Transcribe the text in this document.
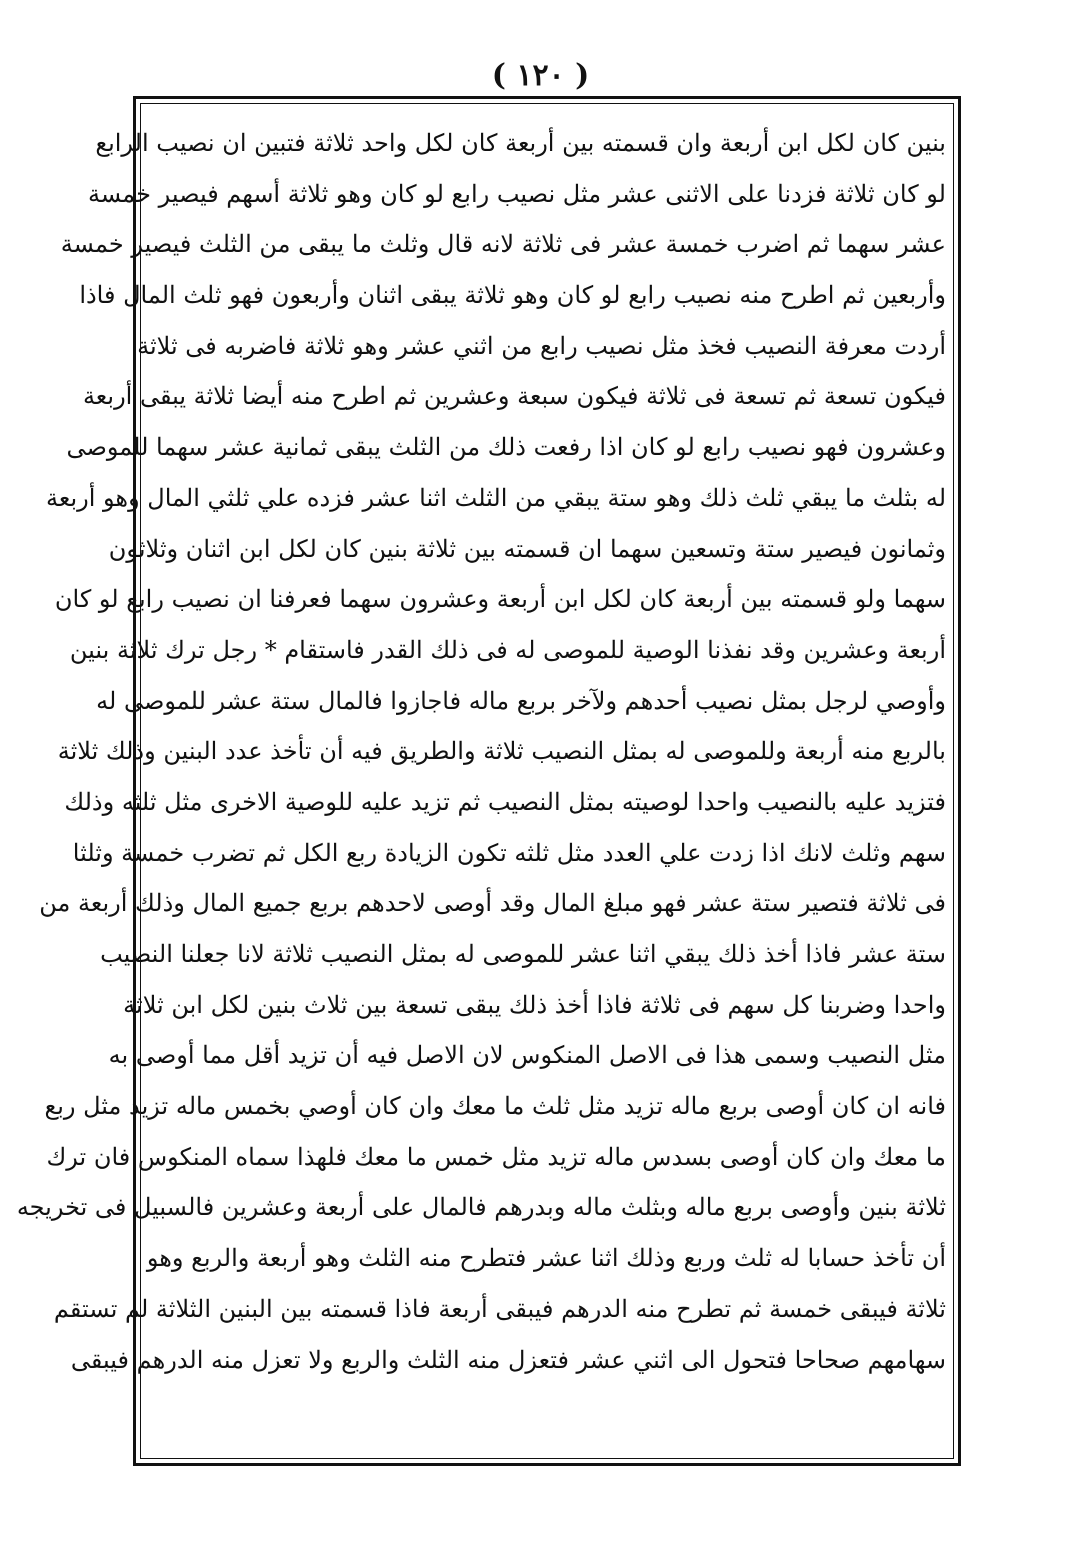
( ١٢٠ )
بنين كان لكل ابن أربعة وان قسمته بين أربعة كان لكل واحد ثلاثة فتبين ان نصيب الرابع
لو كان ثلاثة فزدنا على الاثنى عشر مثل نصيب رابع لو كان وهو ثلاثة أسهم فيصير خمسة
عشر سهما ثم اضرب خمسة عشر فى ثلاثة لانه قال وثلث ما يبقى من الثلث فيصير خمسة
وأربعين ثم اطرح منه نصيب رابع لو كان وهو ثلاثة يبقى اثنان وأربعون فهو ثلث المال فاذا
أردت معرفة النصيب فخذ مثل نصيب رابع من اثني عشر وهو ثلاثة فاضربه فى ثلاثة
فيكون تسعة ثم تسعة فى ثلاثة فيكون سبعة وعشرين ثم اطرح منه أيضا ثلاثة يبقى أربعة
وعشرون فهو نصيب رابع لو كان اذا رفعت ذلك من الثلث يبقى ثمانية عشر سهما للموصى
له بثلث ما يبقي ثلث ذلك وهو ستة يبقي من الثلث اثنا عشر فزده علي ثلثي المال وهو أربعة
وثمانون فيصير ستة وتسعين سهما ان قسمته بين ثلاثة بنين كان لكل ابن اثنان وثلاثون
سهما ولو قسمته بين أربعة كان لكل ابن أربعة وعشرون سهما فعرفنا ان نصيب رابع لو كان
أربعة وعشرين وقد نفذنا الوصية للموصى له فى ذلك القدر فاستقام * رجل ترك ثلاثة بنين
وأوصي لرجل بمثل نصيب أحدهم ولآخر بربع ماله فاجازوا فالمال ستة عشر للموصى له
بالربع منه أربعة وللموصى له بمثل النصيب ثلاثة والطريق فيه أن تأخذ عدد البنين وذلك ثلاثة
فتزيد عليه بالنصيب واحدا لوصيته بمثل النصيب ثم تزيد عليه للوصية الاخرى مثل ثلثه وذلك
سهم وثلث لانك اذا زدت علي العدد مثل ثلثه تكون الزيادة ربع الكل ثم تضرب خمسة وثلثا
فى ثلاثة فتصير ستة عشر فهو مبلغ المال وقد أوصى لاحدهم بربع جميع المال وذلك أربعة من
ستة عشر فاذا أخذ ذلك يبقي اثنا عشر للموصى له بمثل النصيب ثلاثة لانا جعلنا النصيب
واحدا وضربنا كل سهم فى ثلاثة فاذا أخذ ذلك يبقى تسعة بين ثلاث بنين لكل ابن ثلاثة
مثل النصيب وسمى هذا فى الاصل المنكوس لان الاصل فيه أن تزيد أقل مما أوصى به
فانه ان كان أوصى بربع ماله تزيد مثل ثلث ما معك وان كان أوصي بخمس ماله تزيد مثل ربع
ما معك وان كان أوصى بسدس ماله تزيد مثل خمس ما معك فلهذا سماه المنكوس فان ترك
ثلاثة بنين وأوصى بربع ماله وبثلث ماله وبدرهم فالمال على أربعة وعشرين فالسبيل فى تخريجه
أن تأخذ حسابا له ثلث وربع وذلك اثنا عشر فتطرح منه الثلث وهو أربعة والربع وهو
ثلاثة فيبقى خمسة ثم تطرح منه الدرهم فيبقى أربعة فاذا قسمته بين البنين الثلاثة لم تستقم
سهامهم صحاحا فتحول الى اثني عشر فتعزل منه الثلث والربع ولا تعزل منه الدرهم فيبقى
